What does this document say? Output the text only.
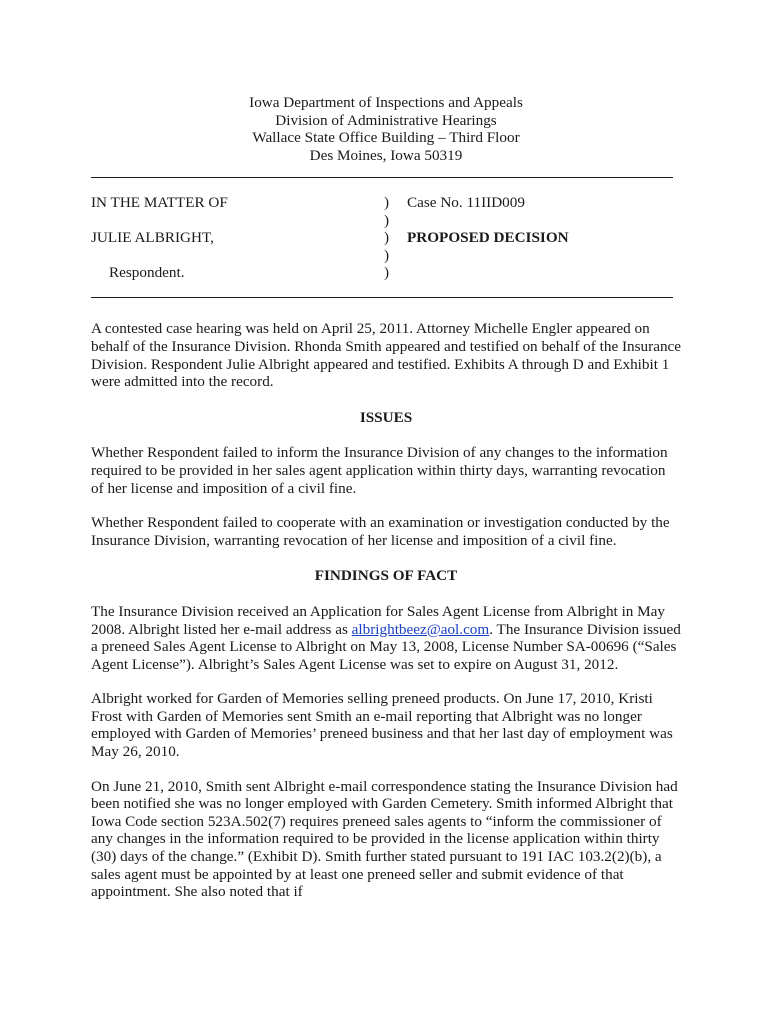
Iowa Department of Inspections and Appeals
Division of Administrative Hearings
Wallace State Office Building – Third Floor
Des Moines, Iowa 50319
IN THE MATTER OF
JULIE ALBRIGHT,
Respondent.
)
)
)
)
)
Case No. 11IID009
PROPOSED DECISION

A contested case hearing was held on April 25, 2011. Attorney Michelle Engler appeared on behalf of the Insurance Division. Rhonda Smith appeared and testified on behalf of the Insurance Division. Respondent Julie Albright appeared and testified. Exhibits A through D and Exhibit 1 were admitted into the record.

ISSUES

Whether Respondent failed to inform the Insurance Division of any changes to the information required to be provided in her sales agent application within thirty days, warranting revocation of her license and imposition of a civil fine.

Whether Respondent failed to cooperate with an examination or investigation conducted by the Insurance Division, warranting revocation of her license and imposition of a civil fine.

FINDINGS OF FACT

The Insurance Division received an Application for Sales Agent License from Albright in May 2008. Albright listed her e-mail address as albrightbeez@aol.com. The Insurance Division issued a preneed Sales Agent License to Albright on May 13, 2008, License Number SA-00696 (“Sales Agent License”). Albright’s Sales Agent License was set to expire on August 31, 2012.

Albright worked for Garden of Memories selling preneed products. On June 17, 2010, Kristi Frost with Garden of Memories sent Smith an e-mail reporting that Albright was no longer employed with Garden of Memories’ preneed business and that her last day of employment was May 26, 2010.

On June 21, 2010, Smith sent Albright e-mail correspondence stating the Insurance Division had been notified she was no longer employed with Garden Cemetery. Smith informed Albright that Iowa Code section 523A.502(7) requires preneed sales agents to “inform the commissioner of any changes in the information required to be provided in the license application within thirty (30) days of the change.” (Exhibit D). Smith further stated pursuant to 191 IAC 103.2(2)(b), a sales agent must be appointed by at least one preneed seller and submit evidence of that appointment. She also noted that if
